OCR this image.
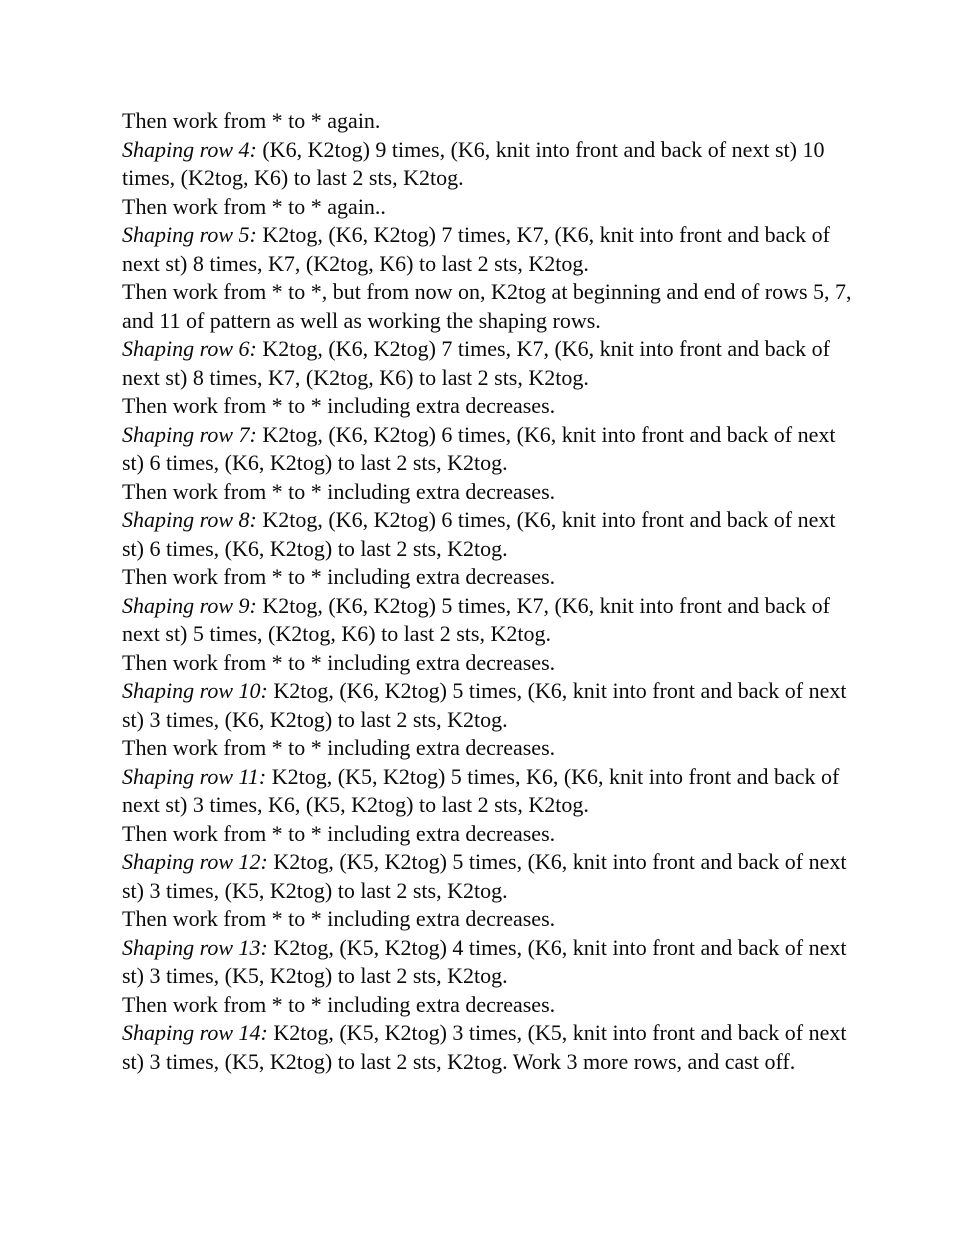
Then work from * to * again.

Shaping row 4: (K6, K2tog) 9 times, (K6, knit into front and back of next st) 10 times, (K2tog, K6) to last 2 sts, K2tog.

Then work from * to * again..

Shaping row 5: K2tog, (K6, K2tog) 7 times, K7, (K6, knit into front and back of next st) 8 times, K7, (K2tog, K6) to last 2 sts, K2tog.

Then work from * to *, but from now on, K2tog at beginning and end of rows 5, 7, and 11 of pattern as well as working the shaping rows.

Shaping row 6: K2tog, (K6, K2tog) 7 times, K7, (K6, knit into front and back of next st) 8 times, K7, (K2tog, K6) to last 2 sts, K2tog.

Then work from * to * including extra decreases.

Shaping row 7: K2tog, (K6, K2tog) 6 times, (K6, knit into front and back of next st) 6 times, (K6, K2tog) to last 2 sts, K2tog.

Then work from * to * including extra decreases.

Shaping row 8: K2tog, (K6, K2tog) 6 times, (K6, knit into front and back of next st) 6 times, (K6, K2tog) to last 2 sts, K2tog.

Then work from * to * including extra decreases.

Shaping row 9: K2tog, (K6, K2tog) 5 times, K7, (K6, knit into front and back of next st) 5 times, (K2tog, K6) to last 2 sts, K2tog.

Then work from * to * including extra decreases.

Shaping row 10: K2tog, (K6, K2tog) 5 times, (K6, knit into front and back of next st) 3 times, (K6, K2tog) to last 2 sts, K2tog.

Then work from * to * including extra decreases.

Shaping row 11: K2tog, (K5, K2tog) 5 times, K6, (K6, knit into front and back of next st) 3 times, K6, (K5, K2tog) to last 2 sts, K2tog.

Then work from * to * including extra decreases.

Shaping row 12: K2tog, (K5, K2tog) 5 times, (K6, knit into front and back of next st) 3 times, (K5, K2tog) to last 2 sts, K2tog.

Then work from * to * including extra decreases.

Shaping row 13: K2tog, (K5, K2tog) 4 times, (K6, knit into front and back of next st) 3 times, (K5, K2tog) to last 2 sts, K2tog.

Then work from * to * including extra decreases.

Shaping row 14: K2tog, (K5, K2tog) 3 times, (K5, knit into front and back of next st) 3 times, (K5, K2tog) to last 2 sts, K2tog. Work 3 more rows, and cast off.
